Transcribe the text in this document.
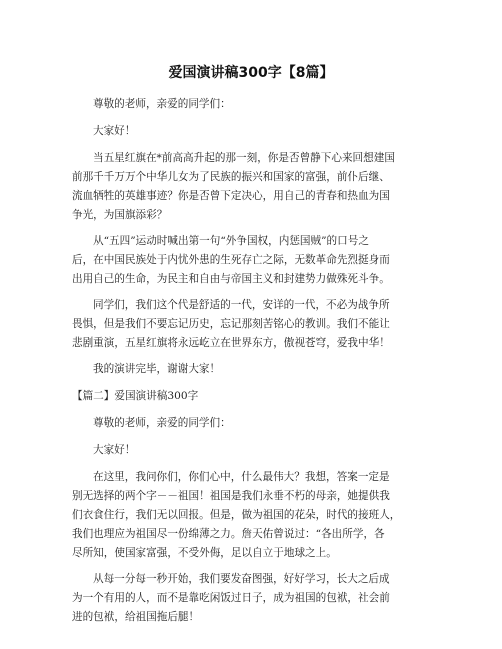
爱国演讲稿300字【8篇】
尊敬的老师，亲爱的同学们：
大家好！
当五星红旗在*前高高升起的那一刻，你是否曾静下心来回想建国
前那千千万万个中华儿女为了民族的振兴和国家的富强，前仆后继、
流血牺牲的英雄事迹？你是否曾下定决心，用自己的青春和热血为国
争光，为国旗添彩？
从“五四”运动时喊出第一句“外争国权，内惩国贼”的口号之
后，在中国民族处于内忧外患的生死存亡之际，无数革命先烈挺身而
出用自己的生命，为民主和自由与帝国主义和封建势力做殊死斗争。
同学们，我们这个代是舒适的一代，安详的一代，不必为战争所
畏惧，但是我们不要忘记历史，忘记那刻苦铭心的教训。我们不能让
悲剧重演，五星红旗将永远屹立在世界东方，傲视苍穹，爱我中华！
我的演讲完毕，谢谢大家！
【篇二】爱国演讲稿300字
尊敬的老师，亲爱的同学们：
大家好！
在这里，我问你们，你们心中，什么最伟大？我想，答案一定是
别无选择的两个字－－祖国！祖国是我们永垂不朽的母亲，她提供我
们衣食住行，我们无以回报。但是，做为祖国的花朵，时代的接班人，
我们也理应为祖国尽一份绵薄之力。詹天佑曾说过：“各出所学，各
尽所知，使国家富强，不受外侮，足以自立于地球之上。
从每一分每一秒开始，我们要发奋图强，好好学习，长大之后成
为一个有用的人，而不是靠吃闲饭过日子，成为祖国的包袱，社会前
进的包袱，给祖国拖后腿！
